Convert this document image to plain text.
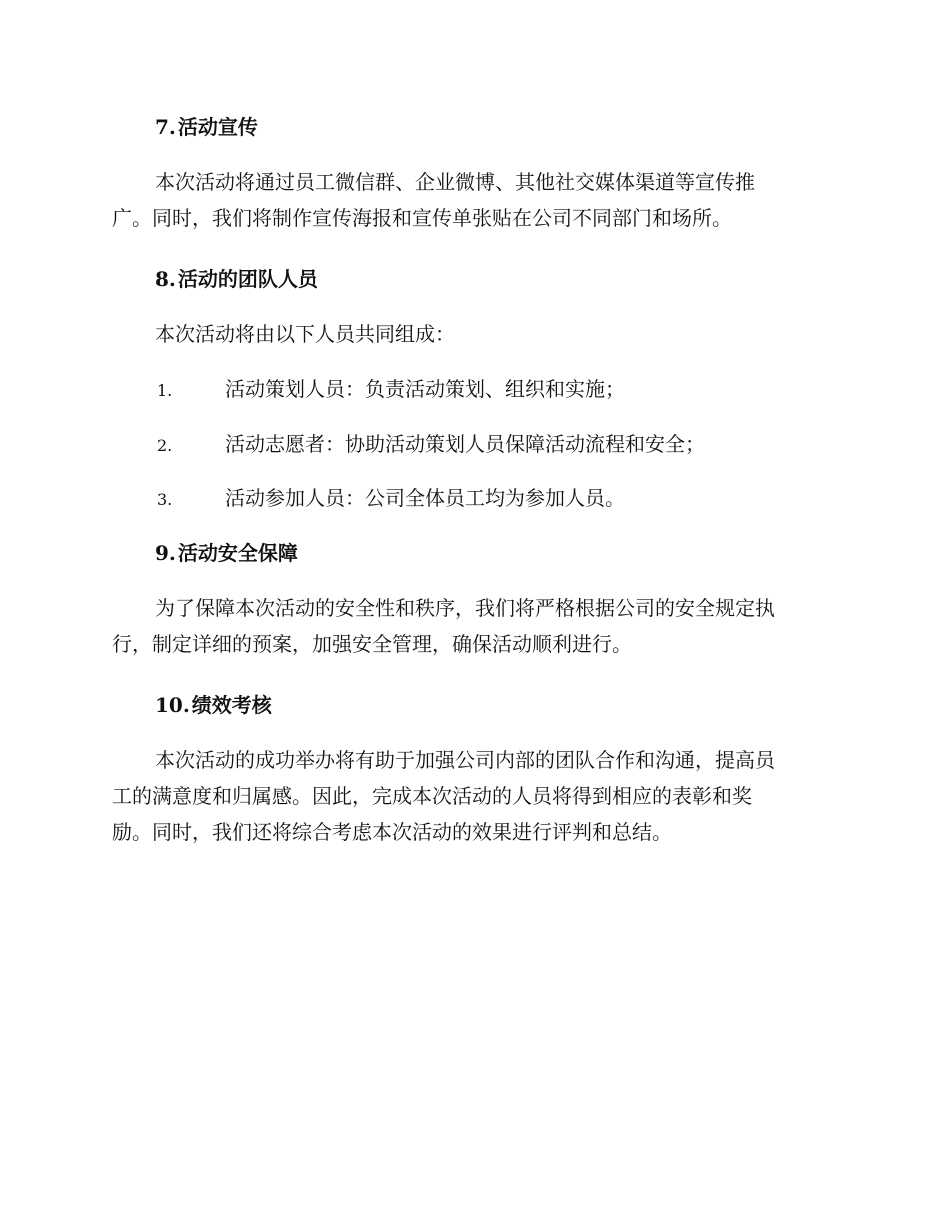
7. 活动宣传
本次活动将通过员工微信群、企业微博、其他社交媒体渠道等宣传推
广。同时，我们将制作宣传海报和宣传单张贴在公司不同部门和场所。
8. 活动的团队人员
本次活动将由以下人员共同组成：
1.	活动策划人员：负责活动策划、组织和实施；
2.	活动志愿者：协助活动策划人员保障活动流程和安全；
3.	活动参加人员：公司全体员工均为参加人员。
9. 活动安全保障
为了保障本次活动的安全性和秩序，我们将严格根据公司的安全规定执
行，制定详细的预案，加强安全管理，确保活动顺利进行。
10. 绩效考核
本次活动的成功举办将有助于加强公司内部的团队合作和沟通，提高员
工的满意度和归属感。因此，完成本次活动的人员将得到相应的表彰和奖
励。同时，我们还将综合考虑本次活动的效果进行评判和总结。
